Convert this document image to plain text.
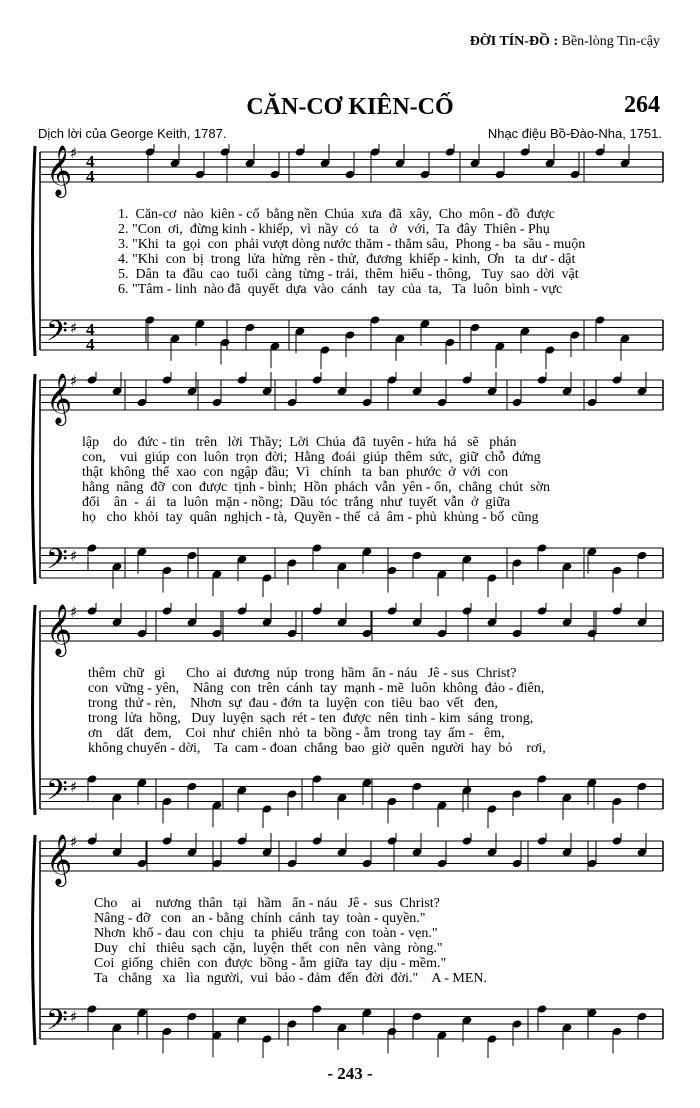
ĐỜI TÍN-ĐỒ : Bền-lòng Tin-cậy
CĂN-CƠ KIÊN-CỐ	264
Dịch lời của George Keith, 1787.	Nhạc điệu Bồ-Đào-Nha, 1751.
𝄞
𝄢
♯
♯
4
4
4
4
1.  Căn-cơ  nào  kiên - cố  bằng nền  Chúa  xưa  đã  xây,  Cho  môn - đồ  được
2. "Con  ơi,  đừng kinh - khiếp,  vì  nầy  có   ta   ở   với,  Ta  đây  Thiên - Phụ
3. "Khi  ta  gọi  con  phải vượt dòng nước thăm - thẳm sâu,  Phong - ba  sầu - muộn
4. "Khi  con  bị  trong  lửa  hừng  rèn - thử,  đương  khiếp - kinh,  Ơn   ta  dư - dật
5.  Dân  ta  đầu  cao  tuổi  càng  từng - trải,  thêm  hiểu - thông,   Tuy  sao  dời  vật
6. "Tâm - linh  nào đã  quyết  dựa  vào  cánh   tay  của  ta,   Ta  luôn  bình - vực
𝄞
𝄢
♯
♯
lập    do   đức - tin   trên   lời  Thầy;  Lời  Chúa  đã  tuyên - hứa  há   sẽ   phán
con,    vui  giúp  con  luôn  trọn  đời;  Hằng  đoái  giúp  thêm  sức,  giữ  chỗ  đứng
thật  không  thể  xao  con  ngập  đầu;  Vì   chính   ta  ban  phước  ở  với  con
hằng  nâng  đỡ  con  được  tịnh - bình;  Hồn  phách  vẫn  yên - ổn,  chẳng  chút  sờn
đổi    ân  -  ái   ta  luôn  mặn - nồng;  Dầu  tóc  trắng  như  tuyết  vẫn  ở  giữa
họ   cho  khỏi  tay  quân  nghịch - tà,  Quyền - thế  cả  âm - phủ  khủng - bố  cũng
𝄞
𝄢
♯
♯
thêm  chữ   gì      Cho  ai  đương  núp  trong  hầm  ẩn - náu   Jê - sus  Christ?
con  vững - yên,    Nâng  con  trên  cánh  tay  mạnh - mẽ  luôn  không  đảo - điên,
trong  thử - rèn,    Nhơn  sự  đau - đớn  ta  luyện  con  tiêu  bao  vết   đen,
trong  lửa  hồng,   Duy  luyện  sạch  rét - ten  được  nên  tinh - kim  sáng  trong,
ơn    dất   đem,    Coi  như  chiên  nhỏ  ta  bồng - ẵm  trong  tay  ấm -   êm,
không chuyển - dời,    Ta  cam - đoan  chẳng  bao  giờ  quên  người  hay  bỏ    rơi,
𝄞
𝄢
♯
♯
Cho    ai    nương  thân   tại   hầm   ẩn - náu   Jê -  sus  Christ?
Nâng - đỡ   con   an - bằng  chính  cánh  tay  toàn - quyền."
Nhơn  khổ - đau  con  chịu   ta  phiếu  trắng  con  toàn - vẹn."
Duy   chỉ   thiêu  sạch  cặn,  luyện  thết  con  nên  vàng  ròng."
Coi  giống  chiên  con  được  bồng - ẵm  giữa  tay  dịu - mềm."
Ta   chẳng   xa   lìa  người,  vui  bảo - đảm  đến  đời  đời."    A - MEN.
- 243 -
